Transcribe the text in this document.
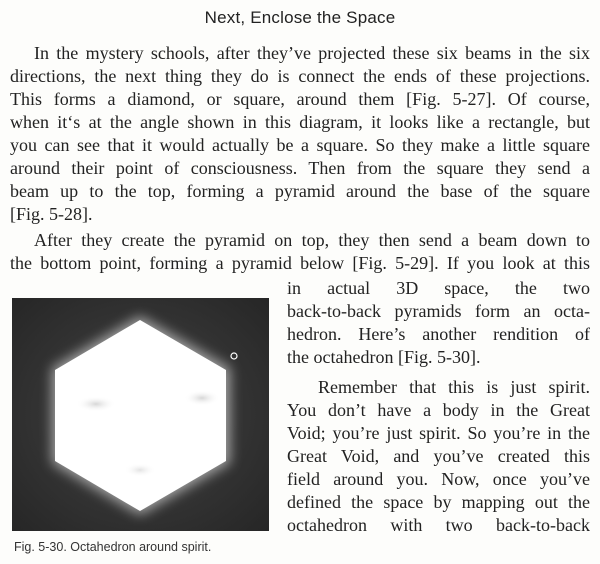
Next, Enclose the Space
In the mystery schools, after they’ve projected these six beams in the six
directions, the next thing they do is connect the ends of these projections.
This forms a diamond, or square, around them [Fig. 5-27]. Of course,
when it‘s at the angle shown in this diagram, it looks like a rectangle, but
you can see that it would actually be a square. So they make a little square
around their point of consciousness. Then from the square they send a
beam up to the top, forming a pyramid around the base of the square
[Fig. 5-28].
After they create the pyramid on top, they then send a beam down to
the bottom point, forming a pyramid below [Fig. 5-29]. If you look at this
in actual 3D space, the two
back-to-back pyramids form an octa-
hedron. Here’s another rendition of
the octahedron [Fig. 5-30].
Remember that this is just spirit.
You don’t have a body in the Great
Void; you’re just spirit. So you’re in the
Great Void, and you’ve created this
field around you. Now, once you’ve
defined the space by mapping out the
octahedron with two back-to-back
Fig. 5-30. Octahedron around spirit.
